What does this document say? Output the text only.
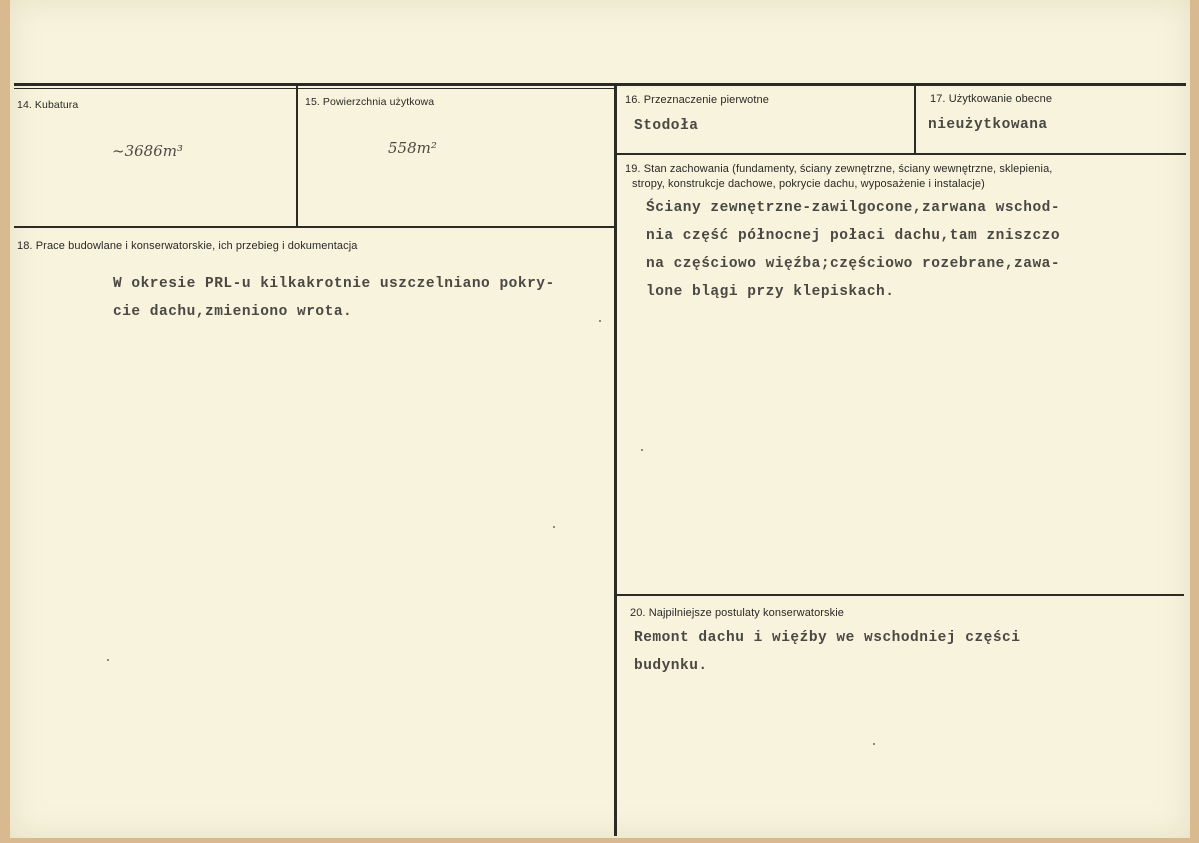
14. Kubatura
~3686m³
15. Powierzchnia użytkowa
558m²
16. Przeznaczenie pierwotne
Stodoła
17. Użytkowanie obecne
nieużytkowana
18. Prace budowlane i konserwatorskie, ich przebieg i dokumentacja
W okresie PRL-u kilkakrotnie uszczelniano pokry-
cie dachu,zmieniono wrota.
19. Stan zachowania (fundamenty, ściany zewnętrzne, ściany wewnętrzne, sklepienia,
stropy, konstrukcje dachowe, pokrycie dachu, wyposażenie i instalacje)
Ściany zewnętrzne-zawilgocone,zarwana wschod-
nia część północnej połaci dachu,tam zniszczo
na częściowo więźba;częściowo rozebrane,zawa-
lone blągi przy klepiskach.
20. Najpilniejsze postulaty konserwatorskie
Remont dachu i więźby we wschodniej części
budynku.
